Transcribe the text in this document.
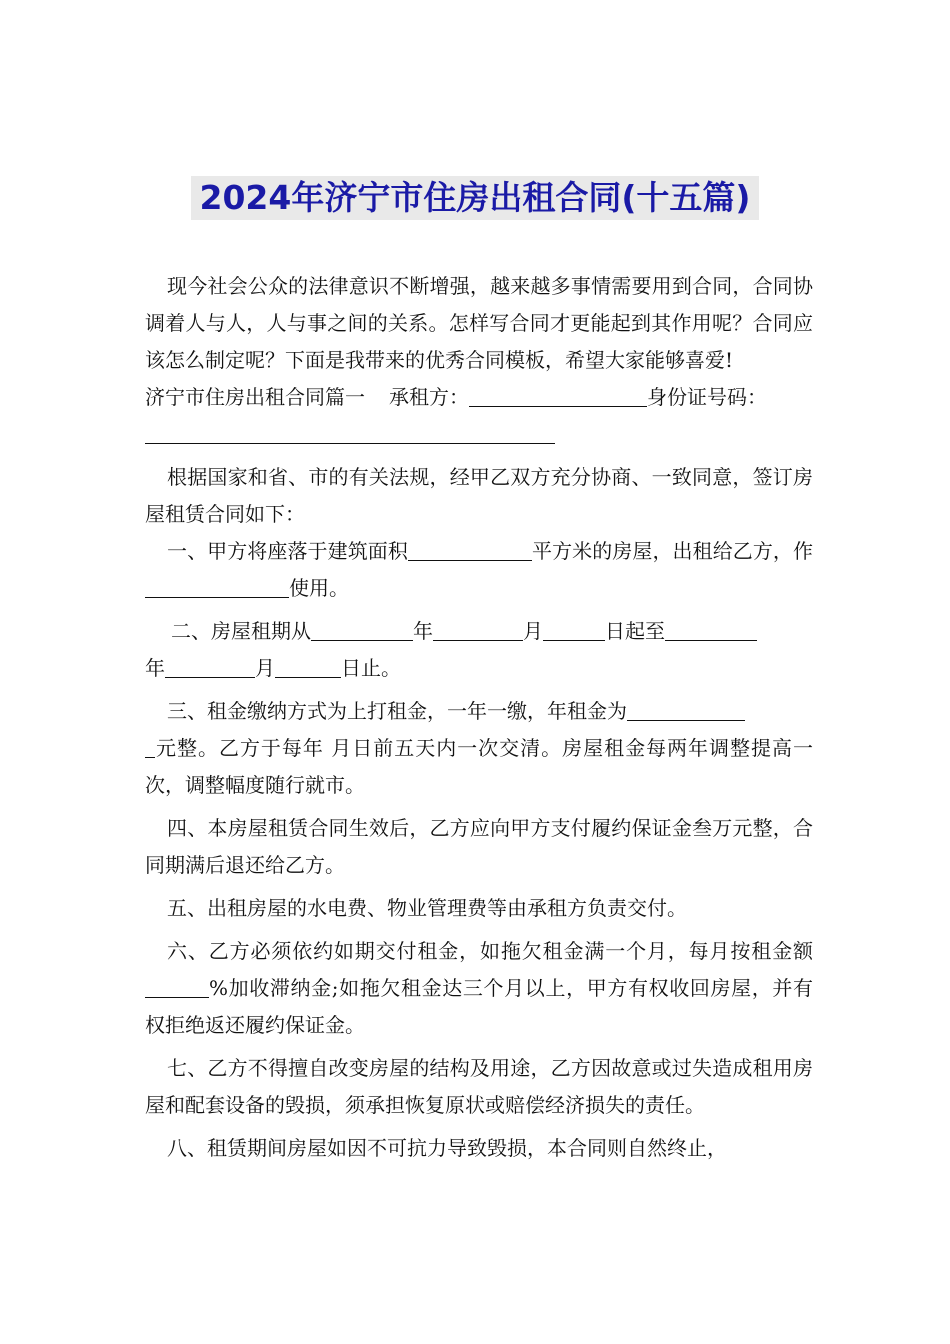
2024年济宁市住房出租合同(十五篇)

现今社会公众的法律意识不断增强，越来越多事情需要用到合同，合同协调着人与人，人与事之间的关系。怎样写合同才更能起到其作用呢？合同应该怎么制定呢？下面是我带来的优秀合同模板，希望大家能够喜爱!

济宁市住房出租合同篇一 承租方：	身份证号码：

根据国家和省、市的有关法规，经甲乙双方充分协商、一致同意，签订房屋租赁合同如下：

一、甲方将座落于建筑面积	平方米的房屋，出租给乙方，作使用。

二、房屋租期从	年	月	日起至
年	月	日止。

三、租金缴纳方式为上打租金，一年一缴，年租金为
元整。乙方于每年 月日前五天内一次交清。房屋租金每两年调整提高一次，调整幅度随行就市。

四、本房屋租赁合同生效后，乙方应向甲方支付履约保证金叁万元整，合同期满后退还给乙方。

五、出租房屋的水电费、物业管理费等由承租方负责交付。

六、乙方必须依约如期交付租金，如拖欠租金满一个月，每月按租金额%加收滞纳金;如拖欠租金达三个月以上，甲方有权收回房屋，并有权拒绝返还履约保证金。

七、乙方不得擅自改变房屋的结构及用途，乙方因故意或过失造成租用房屋和配套设备的毁损，须承担恢复原状或赔偿经济损失的责任。

八、租赁期间房屋如因不可抗力导致毁损，本合同则自然终止，
